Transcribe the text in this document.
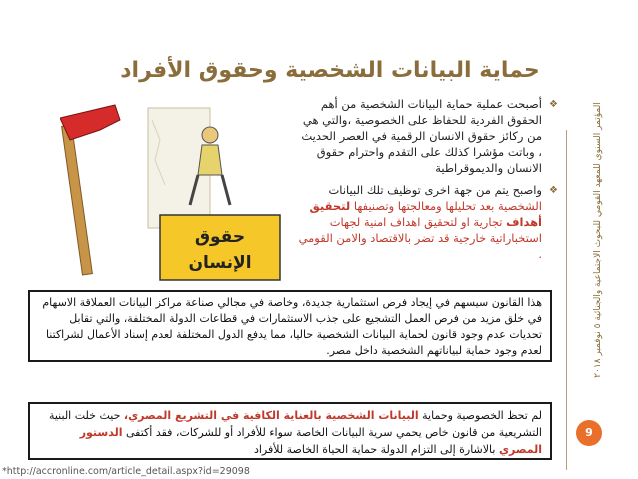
حماية البيانات الشخصية وحقوق الأفراد
حقوق
الإنسان
❖
أصبحت عملية حماية البيانات الشخصية من أهم الحقوق الفردية للحفاظ على الخصوصية ،والتي هي من ركائز حقوق الانسان الرقمية في العصر الحديث ، وباتت مؤشرا كذلك على التقدم واحترام حقوق الانسان والديموقراطية
❖
واصبح يتم من جهة اخرى توظيف تلك البيانات الشخصية بعد تحليلها ومعالجتها وتصنيفها لتحقيق أهداف تجارية او لتحقيق اهداف امنية لجهات استخباراتية خارجية قد تضر بالاقتصاد والامن القومي .
المؤتمر السنوي للمعهد القومي للبحوث الاجتماعية والجنائية ٥ نوفمبر ٢٠١٨
هذا القانون سيسهم في إيجاد فرص استثمارية جديدة، وخاصة في مجالي صناعة مراكز البيانات العملاقة الاسهام في خلق مزيد من فرص العمل التشجيع على جذب الاستثمارات في قطاعات الدولة المختلفة، والتي تقابل تحديات عدم وجود قانون لحماية البيانات الشخصية حاليا، مما يدفع الدول المختلفة لعدم إسناد الأعمال لشراكتنا لعدم وجود حماية لبياناتهم الشخصية داخل مصر.
لم تحظ الخصوصية وحماية البيانات الشخصية بالعناية الكافية في التشريع المصري، حيث خلت البنية التشريعية من قانون خاص يحمي سرية البيانات الخاصة سواء للأفراد أو للشركات، فقد أكتفى الدستور المصري بالاشارة إلى التزام الدولة حماية الحياة الخاصة للأفراد
9
*http://accronline.com/article_detail.aspx?id=29098
